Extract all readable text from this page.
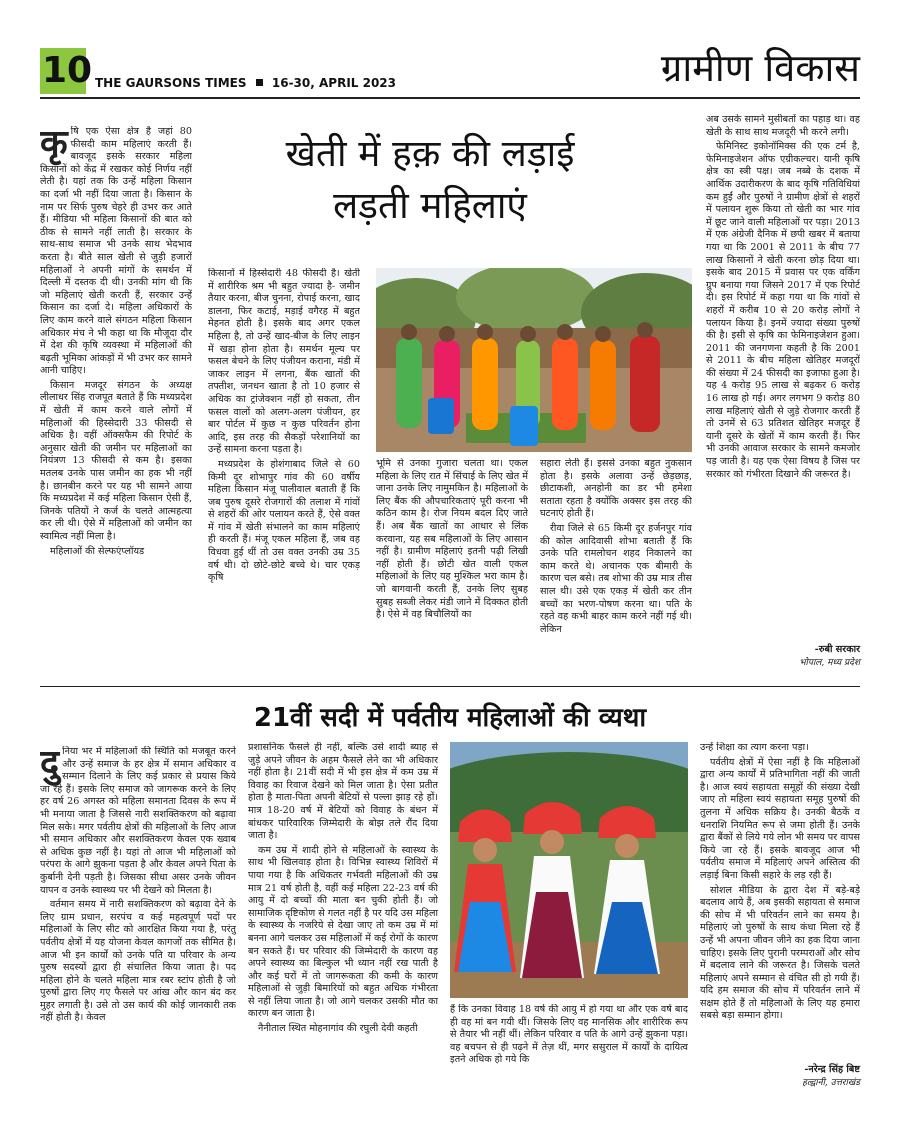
10 THE GAURSONS TIMES 16-30, APRIL 2023	ग्रामीण विकास
कृ षि एक ऐसा क्षेत्र है जहां 80 फीसदी काम महिलाएं करती हैं। बावजूद इसके सरकार महिला किसानों को केंद्र में रखकर कोई निर्णय नहीं लेती है। यहां तक कि उन्हें महिला किसान का दर्जा भी नहीं दिया जाता है। किसान के नाम पर सिर्फ पुरुष चेहरे ही उभर कर आते हैं। मीडिया भी महिला किसानों की बात को ठीक से सामने नहीं लाती है। सरकार के साथ-साथ समाज भी उनके साथ भेदभाव करता है। बीते साल खेती से जुड़ी हजारों महिलाओं ने अपनी मांगों के समर्थन में दिल्ली में दस्तक दी थी। उनकी मांग थी कि जो महिलाएं खेती करती हैं, सरकार उन्हें किसान का दर्जा दे। महिला अधिकारों के लिए काम करने वाले संगठन महिला किसान अधिकार मंच ने भी कहा था कि मौजूदा दौर में देश की कृषि व्यवस्था में महिलाओं की बढ़ती भूमिका आंकड़ों में भी उभर कर सामने आनी चाहिए।

किसान मजदूर संगठन के अध्यक्ष लीलाधर सिंह राजपूत बताते हैं कि मध्यप्रदेश में खेती में काम करने वाले लोगों में महिलाओं की हिस्सेदारी 33 फीसदी से अधिक है। वहीं ऑक्सफैम की रिपोर्ट के अनुसार खेती की जमीन पर महिलाओं का नियंत्रण 13 फीसदी से कम है। इसका मतलब उनके पास जमीन का हक भी नहीं है। छानबीन करने पर यह भी सामने आया कि मध्यप्रदेश में कई महिला किसान ऐसी हैं, जिनके पतियों ने कर्ज के चलते आत्महत्या कर ली थी। ऐसे में महिलाओं को जमीन का स्वामित्व नहीं मिला है।

महिलाओं की सेल्फएंप्लॉयड

खेती में हक़ की लड़ाई
लड़ती महिलाएं

किसानों में हिस्सेदारी 48 फीसदी है। खेती में शारीरिक श्रम भी बहुत ज्यादा है- जमीन तैयार करना, बीज चुनना, रोपाई करना, खाद डालना, फिर कटाई, मड़ाई वगैरह में बहुत मेहनत होती है। इसके बाद अगर एकल महिला है, तो उन्हें खाद-बीज के लिए लाइन में खड़ा होना होता है। समर्थन मूल्य पर फसल बेचने के लिए पंजीयन कराना, मंडी में जाकर लाइन में लगना, बैंक खातों की तफ्तीश, जनधन खाता है तो 10 हजार से अधिक का ट्रांजेक्शन नहीं हो सकता, तीन फसल वालों को अलग-अलग पंजीयन, हर बार पोर्टल में कुछ न कुछ परिवर्तन होना आदि, इस तरह की सैकड़ों परेशानियों का उन्हें सामना करना पड़ता है।

मध्यप्रदेश के होशंगाबाद जिले से 60 किमी दूर शोभापुर गांव की 60 वर्षीय महिला किसान मंजू पालीवाल बताती हैं कि जब पुरुष दूसरे रोजगारों की तलाश में गांवों से शहरों की ओर पलायन करते हैं, ऐसे वक्त में गांव में खेती संभालने का काम महिलाएं ही करती हैं। मंजू एकल महिला हैं, जब वह विधवा हुई थीं तो उस वक्त उनकी उम्र 35 वर्ष थी। दो छोटे-छोटे बच्चे थे। चार एकड़ कृषि

भूमि से उनका गुजारा चलता था। एकल महिला के लिए रात में सिंचाई के लिए खेत में जाना उनके लिए नामुमकिन है। महिलाओं के लिए बैंक की औपचारिकताएं पूरी करना भी कठिन काम है। रोज नियम बदल दिए जाते हैं। अब बैंक खातों का आधार से लिंक करवाना, यह सब महिलाओं के लिए आसान नहीं है। ग्रामीण महिलाएं इतनी पढ़ी लिखी नहीं होती हैं। छोटी खेत वाली एकल महिलाओं के लिए यह मुश्किल भरा काम है। जो बागवानी करती हैं, उनके लिए सुबह सुबह सब्जी लेकर मंडी जाने में दिक्कत होती है। ऐसे में वह बिचौलियों का

सहारा लेती हैं। इससे उनका बहुत नुकसान होता है। इसके अलावा उन्हें छेड़छाड़, छीटाकशी, अनहोनी का डर भी हमेशा सताता रहता है क्योंकि अक्सर इस तरह की घटनाएं होती हैं।

रीवा जिले से 65 किमी दूर हर्जनपुर गांव की कोल आदिवासी शोभा बताती हैं कि उनके पति रामलोचन शहद निकालने का काम करते थे। अचानक एक बीमारी के कारण चल बसे। तब शोभा की उम्र मात्र तीस साल थी। उसे एक एकड़ में खेती कर तीन बच्चों का भरण-पोषण करना था। पति के रहते वह कभी बाहर काम करने नहीं गई थी। लेकिन

अब उसके सामने मुसीबतों का पहाड़ था। वह खेती के साथ साथ मजदूरी भी करने लगी।

फेमिनिस्ट इकोनॉमिक्स की एक टर्म है, फेमिनाइजेशन ऑफ एग्रीकल्चर। यानी कृषि क्षेत्र का स्त्री पक्ष। जब नब्बे के दशक में आर्थिक उदारीकरण के बाद कृषि गतिविधियां कम हुईं और पुरुषों ने ग्रामीण क्षेत्रों से शहरों में पलायन शुरू किया तो खेती का भार गांव में छूट जाने वाली महिलाओं पर पड़ा। 2013 में एक अंग्रेजी दैनिक में छपी खबर में बताया गया था कि 2001 से 2011 के बीच 77 लाख किसानों ने खेती करना छोड़ दिया था। इसके बाद 2015 में प्रवास पर एक वर्किंग ग्रुप बनाया गया जिसने 2017 में एक रिपोर्ट दी। इस रिपोर्ट में कहा गया था कि गांवों से शहरों में करीब 10 से 20 करोड़ लोगों ने पलायन किया है। इनमें ज्यादा संख्या पुरुषों की है। इसी से कृषि का फेमिनाइजेशन हुआ। 2011 की जनगणना कहती है कि 2001 से 2011 के बीच महिला खेतिहर मजदूरों की संख्या में 24 फीसदी का इजाफा हुआ है। यह 4 करोड़ 95 लाख से बढ़कर 6 करोड़ 16 लाख हो गई। अगर लगभग 9 करोड़ 80 लाख महिलाएं खेती से जुड़े रोजगार करती हैं तो उनमें से 63 प्रतिशत खेतिहर मजदूर हैं यानी दूसरे के खेतों में काम करती हैं। फिर भी उनकी आवाज सरकार के सामने कमजोर पड़ जाती है। यह एक ऐसा विषय है जिस पर सरकार को गंभीरता दिखाने की जरूरत है।

-रुबी सरकार
भोपाल, मध्य प्रदेश
21वीं सदी में पर्वतीय महिलाओं की व्यथा
दु निया भर में महिलाओं की स्थिति को मजबूत करने और उन्हें समाज के हर क्षेत्र में समान अधिकार व सम्मान दिलाने के लिए कई प्रकार से प्रयास किये जा रहे हैं। इसके लिए समाज को जागरूक करने के लिए हर वर्ष 26 अगस्त को महिला समानता दिवस के रूप में भी मनाया जाता है जिससे नारी सशक्तिकरण को बढ़ावा मिल सके। मगर पर्वतीय क्षेत्रों की महिलाओं के लिए आज भी समान अधिकार और सशक्तिकरण केवल एक ख्वाब से अधिक कुछ नहीं है। यहां तो आज भी महिलाओं को परंपरा के आगे झुकना पड़ता है और केवल अपने पिता के कुर्बानी देनी पड़ती है। जिसका सीधा असर उनके जीवन यापन व उनके स्वास्थ्य पर भी देखने को मिलता है।

वर्तमान समय में नारी सशक्तिकरण को बढ़ावा देने के लिए ग्राम प्रधान, सरपंच व कई महत्वपूर्ण पदों पर महिलाओं के लिए सीट को आरक्षित किया गया है, परंतु पर्वतीय क्षेत्रों में यह योजना केवल कागजों तक सीमित है। आज भी इन कार्यों को उनके पति या परिवार के अन्य पुरुष सदस्यों द्वारा ही संचालित किया जाता है। पद महिला होने के चलते महिला मात्र रबर स्टांप होती है जो पुरुषों द्वारा लिए गए फैसले पर आंख और कान बंद कर मुहर लगाती है। उसे तो उस कार्य की कोई जानकारी तक नहीं होती है। केवल

प्रशासनिक फैसले ही नहीं, बल्कि उसे शादी ब्याह से जुड़े अपने जीवन के अहम फैसले लेने का भी अधिकार नहीं होता है। 21वीं सदी में भी इस क्षेत्र में कम उम्र में विवाह का रिवाज देखने को मिल जाता है। ऐसा प्रतीत होता है माता-पिता अपनी बेटियों से पल्ला झाड़ रहे हों। मात्र 18-20 वर्ष में बेटियों को विवाह के बंधन में बांधकर पारिवारिक जिम्मेदारी के बोझ तले रौंद दिया जाता है।

कम उम्र में शादी होने से महिलाओं के स्वास्थ्य के साथ भी खिलवाड़ होता है। विभिन्न स्वास्थ्य शिविरों में पाया गया है कि अधिकतर गर्भवती महिलाओं की उम्र मात्र 21 वर्ष होती है, वहीं कई महिला 22-23 वर्ष की आयु में दो बच्चों की माता बन चुकी होती हैं। जो सामाजिक दृष्टिकोण से गलत नहीं है पर यदि उस महिला के स्वास्थ्य के नजरिये से देखा जाए तो कम उम्र में मां बनना आगे चलकर उस महिलाओं में कई रोगों के कारण बन सकते हैं। घर परिवार की जिम्मेदारी के कारण वह अपने स्वास्थ्य का बिल्कुल भी ध्यान नहीं रख पाती है और कई घरों में तो जागरूकता की कमी के कारण महिलाओं से जुड़ी बिमारियों को बहुत अधिक गंभीरता से नहीं लिया जाता है। जो आगे चलकर उसकी मौत का कारण बन जाता है।

नैनीताल स्थित मोहनागांव की रघुली देवी कहती

हैं कि उनका विवाह 18 वर्ष की आयु में हो गया था और एक वर्ष बाद ही वह मां बन गयी थीं। जिसके लिए वह मानसिक और शारीरिक रूप से तैयार भी नहीं थीं। लेकिन परिवार व पति के आगे उन्हें झुकना पड़ा। वह बचपन से ही पढ़ने में तेज़ थीं, मगर ससुराल में कार्यों के दायित्व इतने अधिक हो गये कि

उन्हें शिक्षा का त्याग करना पड़ा।

पर्वतीय क्षेत्रों में ऐसा नहीं है कि महिलाओं द्वारा अन्य कार्यों में प्रतिभागिता नहीं की जाती है। आज स्वयं सहायता समूहों की संख्या देखी जाए तो महिला स्वयं सहायता समूह पुरुषों की तुलना में अधिक सक्रिय है। उनकी बैठकें व धनराशि नियमित रूप से जमा होती हैं। उनके द्वारा बैंकों से लिये गये लोन भी समय पर वापस किये जा रहे हैं। इसके बावजूद आज भी पर्वतीय समाज में महिलाएं अपने अस्तित्व की लड़ाई बिना किसी सहारे के लड़ रही हैं।

सोशल मीडिया के द्वारा देश में बड़े-बड़े बदलाव आये हैं, अब इसकी सहायता से समाज की सोच में भी परिवर्तन लाने का समय है। महिलाएं जो पुरुषों के साथ कंधा मिला रहे हैं उन्हें भी अपना जीवन जीने का हक दिया जाना चाहिए। इसके लिए पुरानी परम्पराओं और सोच में बदलाव लाने की जरूरत है। जिसके चलते महिलाएं अपने सम्मान से वंचित सी हो गयी हैं। यदि हम समाज की सोच में परिवर्तन लाने में सक्षम होते हैं तो महिलाओं के लिए यह हमारा सबसे बड़ा सम्मान होगा।

-नरेन्द्र सिंह बिष्ट
हल्द्वानी, उत्तराखंड
